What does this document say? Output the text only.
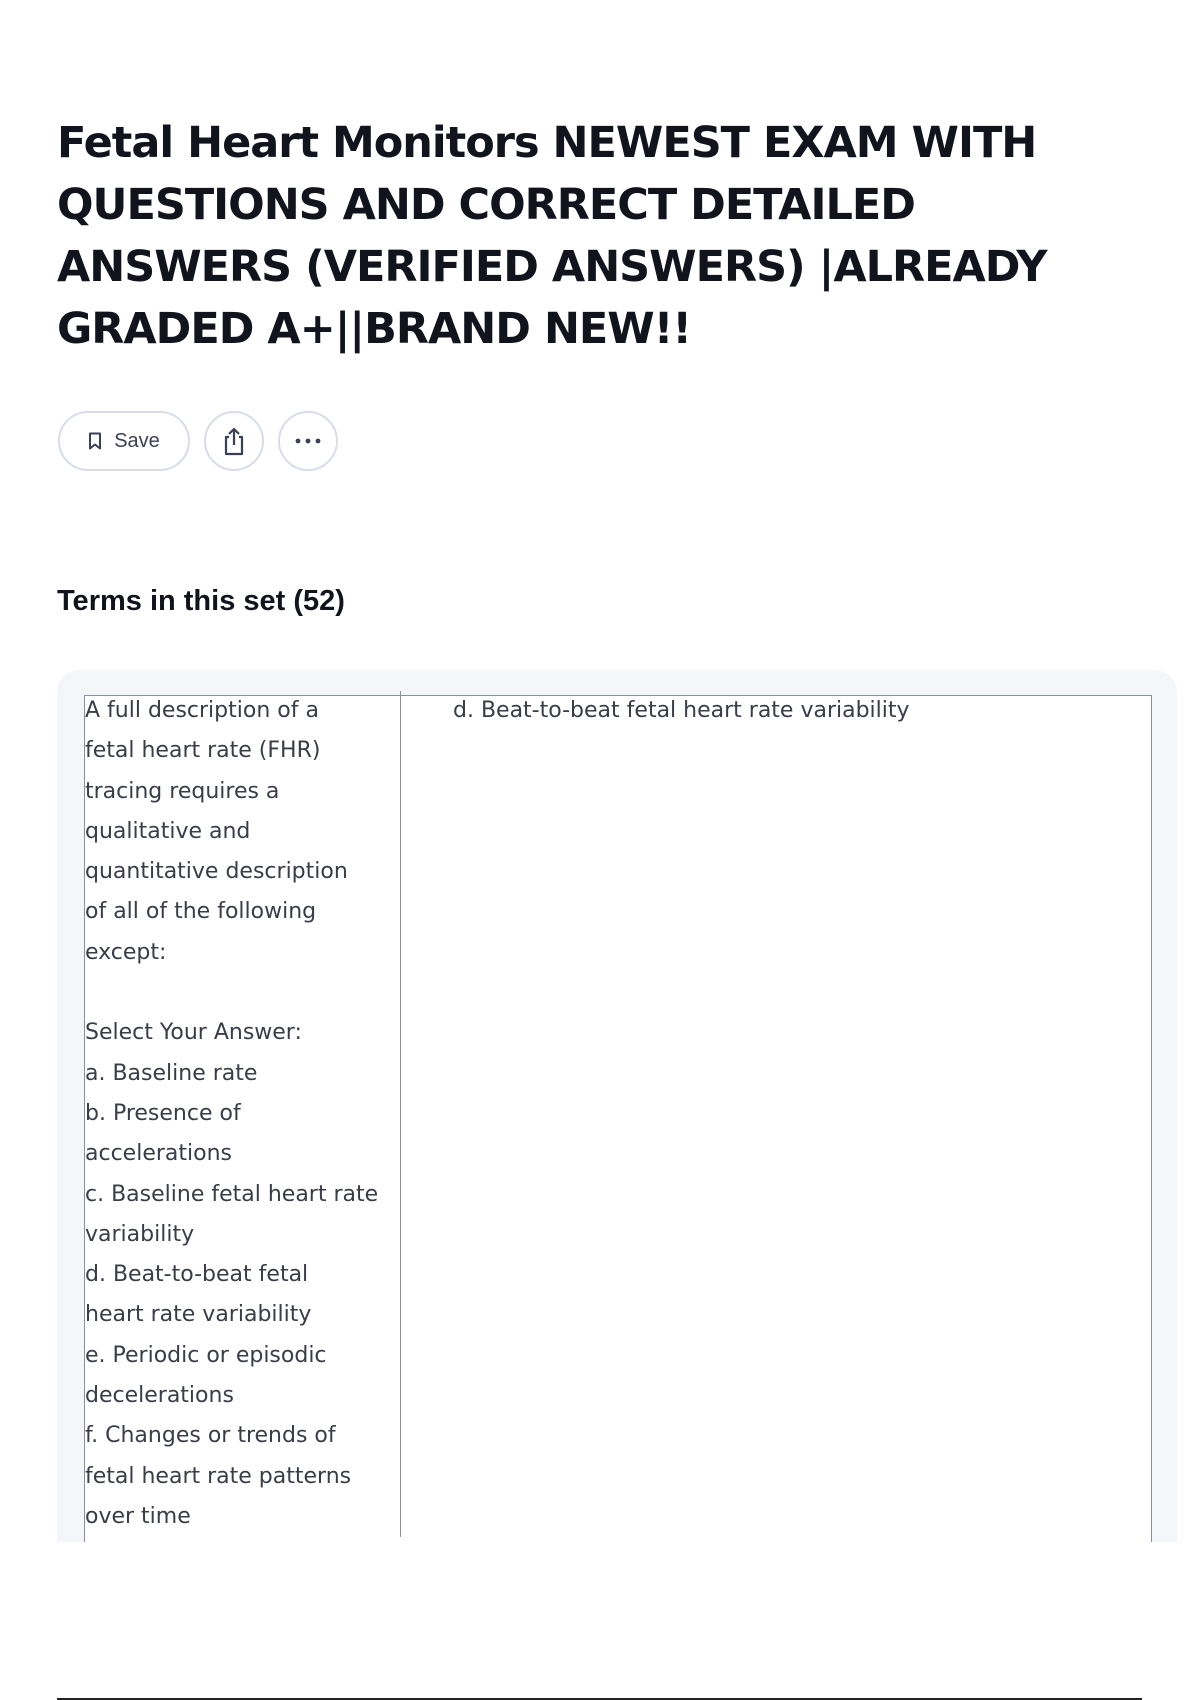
Fetal Heart Monitors NEWEST EXAM WITH QUESTIONS AND CORRECT DETAILED ANSWERS (VERIFIED ANSWERS) |ALREADY GRADED A+||BRAND NEW!!
Save
Terms in this set (52)
A full description of a
fetal heart rate (FHR)
tracing requires a
qualitative and
quantitative description
of all of the following
except:

Select Your Answer:
a. Baseline rate
b. Presence of
accelerations
c. Baseline fetal heart rate
variability
d. Beat-to-beat fetal
heart rate variability
e. Periodic or episodic
decelerations
f. Changes or trends of
fetal heart rate patterns
over time
d. Beat-to-beat fetal heart rate variability
